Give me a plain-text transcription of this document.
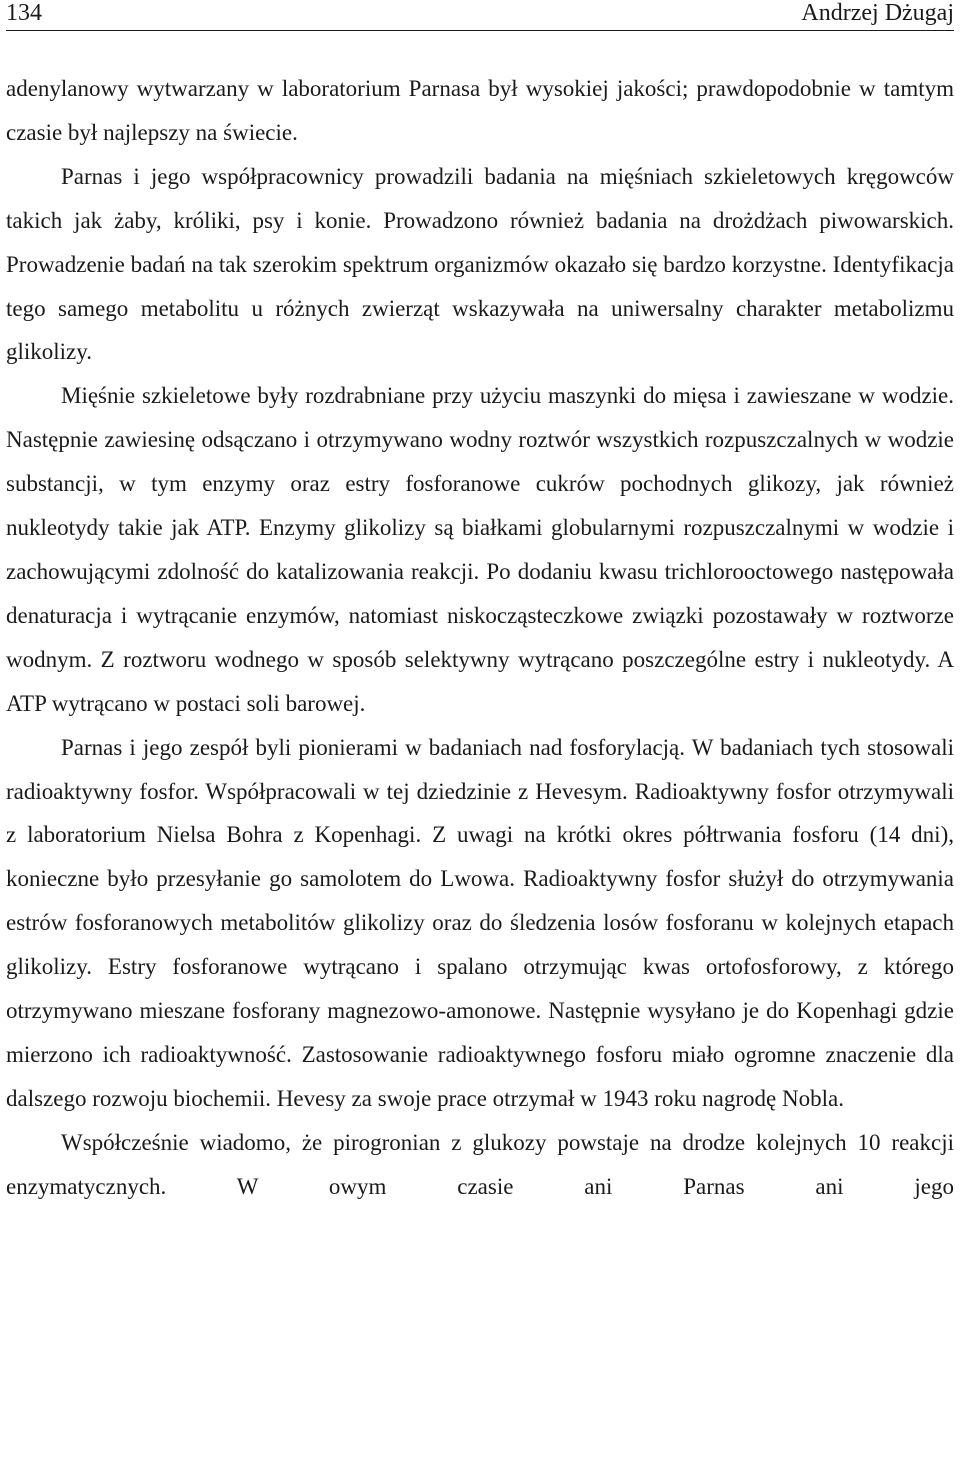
134	Andrzej Dżugaj

adenylanowy wytwarzany w laboratorium Parnasa był wysokiej jakości; prawdopodobnie w tamtym czasie był najlepszy na świecie.

Parnas i jego współpracownicy prowadzili badania na mięśniach szkieletowych kręgowców takich jak żaby, króliki, psy i konie. Prowadzono również badania na drożdżach piwowarskich. Prowadzenie badań na tak szerokim spektrum organizmów okazało się bardzo korzystne. Identyfikacja tego samego metabolitu u różnych zwierząt wskazywała na uniwersalny charakter metabolizmu glikolizy.

Mięśnie szkieletowe były rozdrabniane przy użyciu maszynki do mięsa i zawieszane w wodzie. Następnie zawiesinę odsączano i otrzymywano wodny roztwór wszystkich rozpuszczalnych w wodzie substancji, w tym enzymy oraz estry fosforanowe cukrów pochodnych glikozy, jak również nukleotydy takie jak ATP. Enzymy glikolizy są białkami globularnymi rozpuszczalnymi w wodzie i zachowującymi zdolność do katalizowania reakcji. Po dodaniu kwasu trichlorooctowego następowała denaturacja i wytrącanie enzymów, natomiast niskocząsteczkowe związki pozostawały w roztworze wodnym. Z roztworu wodnego w sposób selektywny wytrącano poszczególne estry i nukleotydy. A ATP wytrącano w postaci soli barowej.

Parnas i jego zespół byli pionierami w badaniach nad fosforylacją. W badaniach tych stosowali radioaktywny fosfor. Współpracowali w tej dziedzinie z Hevesym. Radioaktywny fosfor otrzymywali z laboratorium Nielsa Bohra z Kopenhagi. Z uwagi na krótki okres półtrwania fosforu (14 dni), konieczne było przesyłanie go samolotem do Lwowa. Radioaktywny fosfor służył do otrzymywania estrów fosforanowych metabolitów glikolizy oraz do śledzenia losów fosforanu w kolejnych etapach glikolizy. Estry fosforanowe wytrącano i spalano otrzymując kwas ortofosforowy, z którego otrzymywano mieszane fosforany magnezowo-amonowe. Następnie wysyłano je do Kopenhagi gdzie mierzono ich radioaktywność. Zastosowanie radioaktywnego fosforu miało ogromne znaczenie dla dalszego rozwoju biochemii. Hevesy za swoje prace otrzymał w 1943 roku nagrodę Nobla.

Współcześnie wiadomo, że pirogronian z glukozy powstaje na drodze kolejnych 10 reakcji enzymatycznych. W owym czasie ani Parnas ani jego
